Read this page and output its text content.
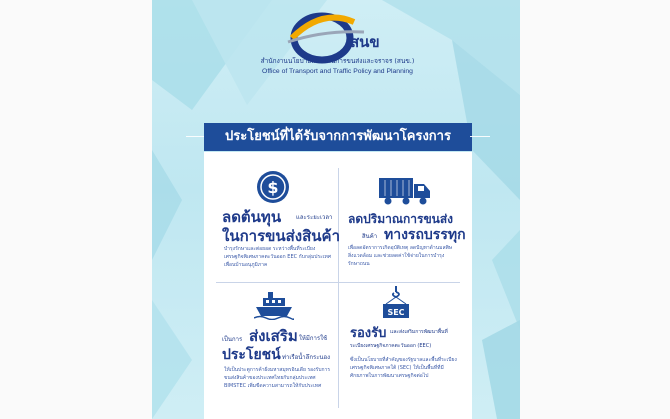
สนข
สำนักงานนโยบายและแผนการขนส่งและจราจร (สนข.)
Office of Transport and Traffic Policy and Planning
ประโยชน์ที่ได้รับจากการพัฒนาโครงการ
$
ลดต้นทุน และระยะเวลา
ในการขนส่งสินค้า
บำรุงรักษาและต่อยอด ระหว่างพื้นที่ระเบียงเศรษฐกิจพิเศษภาคตะวันออก EEC กับกลุ่มประเทศเพื่อนบ้านอนุภูมิภาค
ลดปริมาณการขนส่ง
สินค้า ทางรถบรรทุก
เพื่อลดอัตราการเกิดอุบัติเหตุ ลดปัญหาด้านมลพิษสิ่งแวดล้อม และช่วยลดค่าใช้จ่ายในการบำรุงรักษาถนน
เป็นการ ส่งเสริม ให้มีการใช้
ประโยชน์ ท่าเรือน้ำลึกระนอง
ให้เป็นประตูการค้าฝั่งมหาสมุทรอินเดีย รองรับการขนส่งสินค้าของประเทศไทยกับกลุ่มประเทศ BIMSTEC เพิ่มขีดความสามารถให้กับประเทศ
SEC
รองรับ และส่งเสริมการพัฒนาพื้นที่
ระเบียงเศรษฐกิจภาคตะวันออก (EEC)
ซึ่งเป็นนโยบายที่สำคัญของรัฐบาลและพื้นที่ระเบียงเศรษฐกิจพิเศษภาคใต้ (SEC) ให้เป็นพื้นที่ที่มีศักยภาพในการพัฒนาเศรษฐกิจต่อไป
